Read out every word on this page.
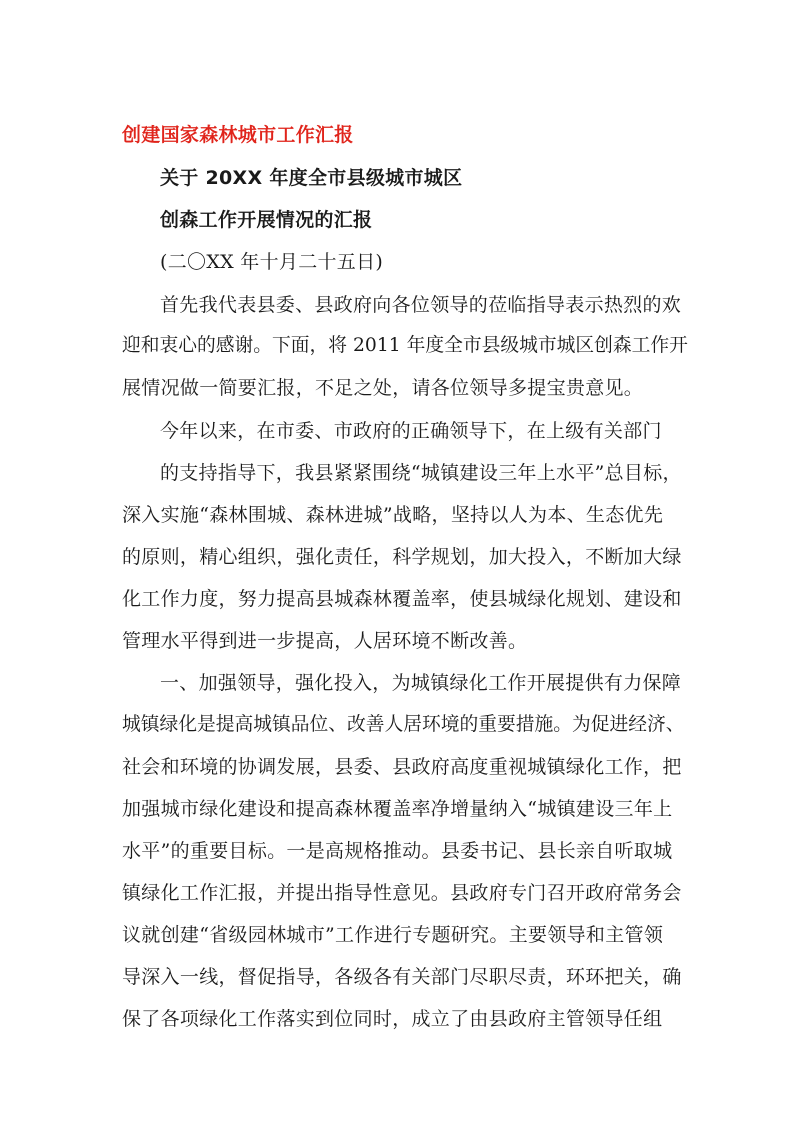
创建国家森林城市工作汇报
关于 20XX 年度全市县级城市城区
创森工作开展情况的汇报
(二〇XX 年十月二十五日)
首先我代表县委、县政府向各位领导的莅临指导表示热烈的欢
迎和衷心的感谢。下面，将 2011 年度全市县级城市城区创森工作开
展情况做一简要汇报，不足之处，请各位领导多提宝贵意见。
今年以来，在市委、市政府的正确领导下，在上级有关部门
的支持指导下，我县紧紧围绕“城镇建设三年上水平”总目标，
深入实施“森林围城、森林进城”战略，坚持以人为本、生态优先
的原则，精心组织，强化责任，科学规划，加大投入，不断加大绿
化工作力度，努力提高县城森林覆盖率，使县城绿化规划、建设和
管理水平得到进一步提高，人居环境不断改善。
一、加强领导，强化投入，为城镇绿化工作开展提供有力保障
城镇绿化是提高城镇品位、改善人居环境的重要措施。为促进经济、
社会和环境的协调发展，县委、县政府高度重视城镇绿化工作，把
加强城市绿化建设和提高森林覆盖率净增量纳入“城镇建设三年上
水平”的重要目标。一是高规格推动。县委书记、县长亲自听取城
镇绿化工作汇报，并提出指导性意见。县政府专门召开政府常务会
议就创建“省级园林城市”工作进行专题研究。主要领导和主管领
导深入一线，督促指导，各级各有关部门尽职尽责，环环把关，确
保了各项绿化工作落实到位同时，成立了由县政府主管领导任组
